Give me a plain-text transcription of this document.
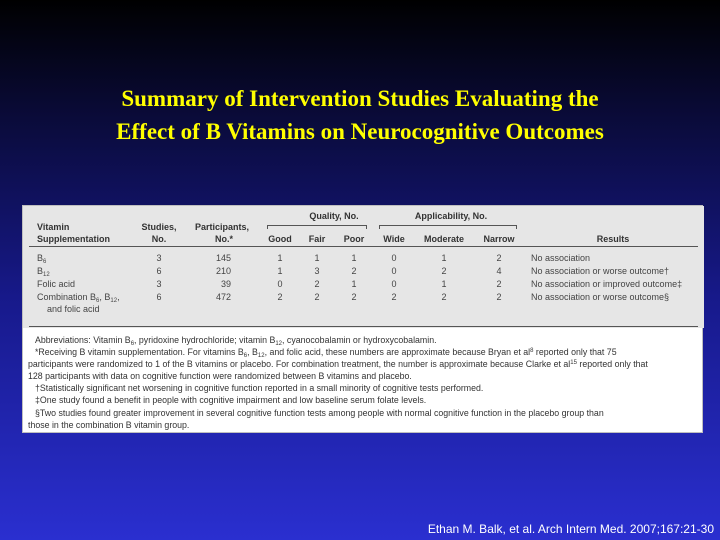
Summary of Intervention Studies Evaluating the
Effect of B Vitamins on Neurocognitive Outcomes
Quality, No.	Applicability, No.
Vitamin
Supplementation
Studies,
No.
Participants,
No.*	Good	Fair	Poor	Wide	Moderate	Narrow	Results
$B_6$	3	145	1	1	1	0	1	2	No association
$B_{12}$	6	210	1	3	2	0	2	4	No association or worse outcome†
Folic acid	3	39	0	2	1	0	1	2	No association or improved outcome‡
Combination $B_6$, $B_{12}$,
and folic acid
6	472	2	2	2	2	2	2	No association or worse outcome§
Abbreviations: Vitamin $B_6$, pyridoxine hydrochloride; vitamin $B_{12}$, cyanocobalamin or hydroxycobalamin.
*Receiving B vitamin supplementation. For vitamins $B_6$, $B_{12}$, and folic acid, these numbers are approximate because Bryan et $al^8$ reported only that 75
participants were randomized to 1 of the B vitamins or placebo. For combination treatment, the number is approximate because Clarke et $al^{15}$ reported only that
128 participants with data on cognitive function were randomized between B vitamins and placebo.
†Statistically significant net worsening in cognitive function reported in a small minority of cognitive tests performed.
‡One study found a benefit in people with cognitive impairment and low baseline serum folate levels.
§Two studies found greater improvement in several cognitive function tests among people with normal cognitive function in the placebo group than
those in the combination B vitamin group.
Ethan M. Balk, et al. Arch Intern Med. 2007;167:21-30
